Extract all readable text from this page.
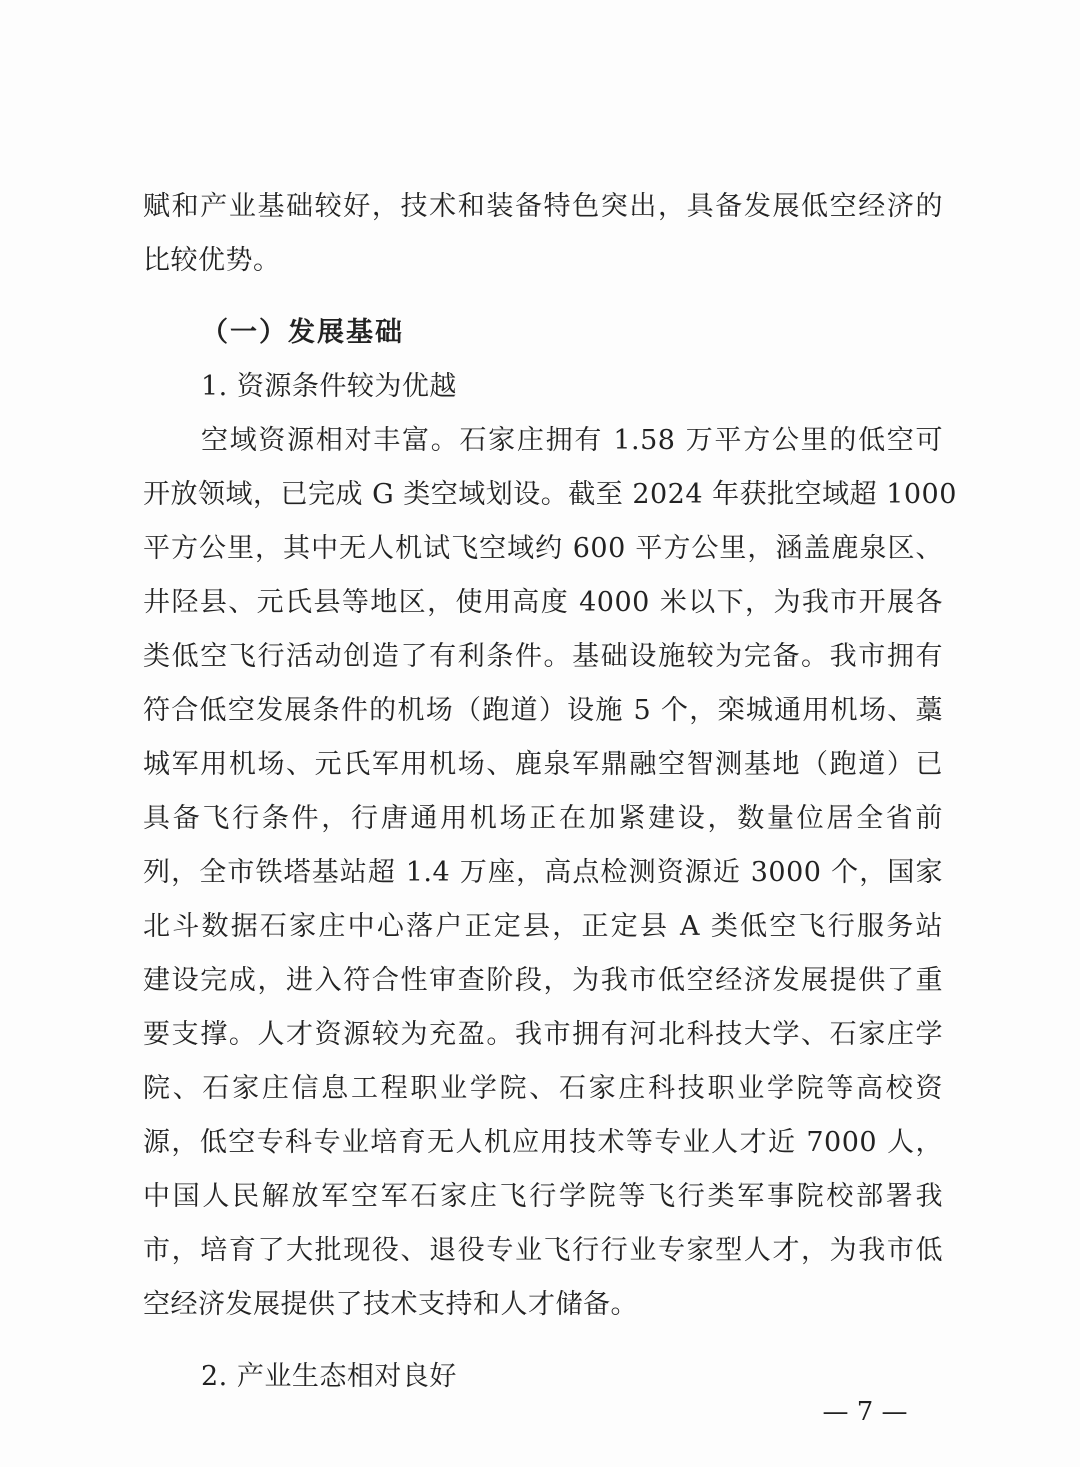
赋和产业基础较好，技术和装备特色突出，具备发展低空经济的
比较优势。
（一）发展基础
1. 资源条件较为优越
空域资源相对丰富。石家庄拥有 1.58 万平方公里的低空可
开放领域，已完成 G 类空域划设。截至 2024 年获批空域超 1000
平方公里，其中无人机试飞空域约 600 平方公里，涵盖鹿泉区、
井陉县、元氏县等地区，使用高度 4000 米以下，为我市开展各
类低空飞行活动创造了有利条件。基础设施较为完备。我市拥有
符合低空发展条件的机场（跑道）设施 5 个，栾城通用机场、藁
城军用机场、元氏军用机场、鹿泉军鼎融空智测基地（跑道）已
具备飞行条件，行唐通用机场正在加紧建设，数量位居全省前
列，全市铁塔基站超 1.4 万座，高点检测资源近 3000 个，国家
北斗数据石家庄中心落户正定县，正定县 A 类低空飞行服务站
建设完成，进入符合性审查阶段，为我市低空经济发展提供了重
要支撑。人才资源较为充盈。我市拥有河北科技大学、石家庄学
院、石家庄信息工程职业学院、石家庄科技职业学院等高校资
源，低空专科专业培育无人机应用技术等专业人才近 7000 人，
中国人民解放军空军石家庄飞行学院等飞行类军事院校部署我
市，培育了大批现役、退役专业飞行行业专家型人才，为我市低
空经济发展提供了技术支持和人才储备。
2. 产业生态相对良好
— 7 —
